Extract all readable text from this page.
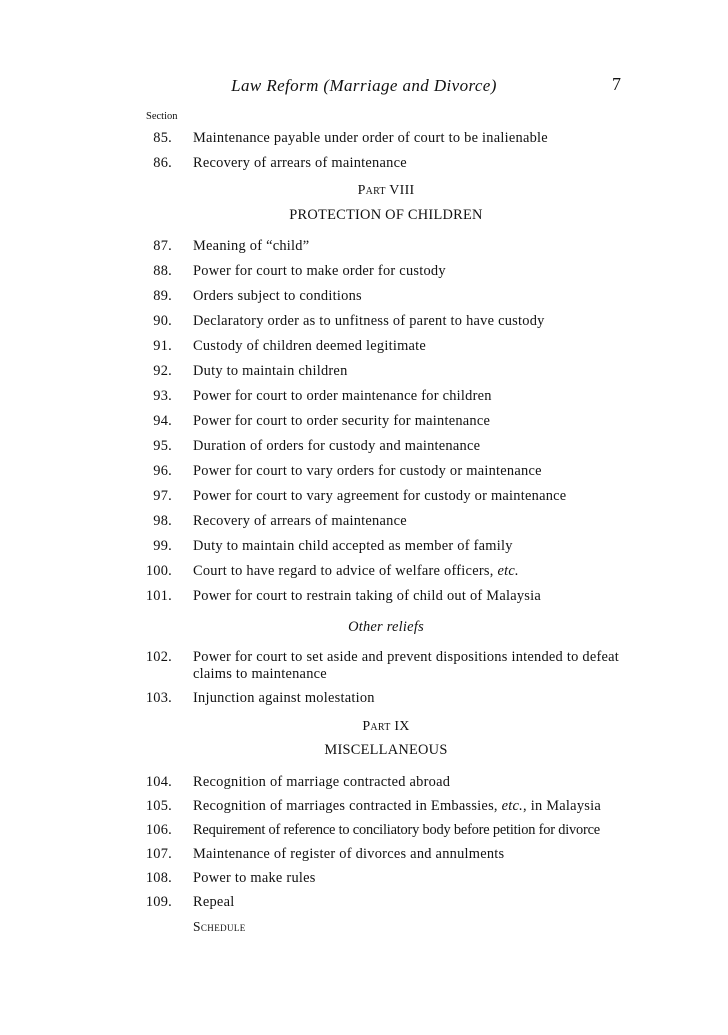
Law Reform (Marriage and Divorce)	7
Section
85.	Maintenance payable under order of court to be inalienable
86.	Recovery of arrears of maintenance
Part VIII
PROTECTION OF CHILDREN
87.	Meaning of “child”
88.	Power for court to make order for custody
89.	Orders subject to conditions
90.	Declaratory order as to unfitness of parent to have custody
91.	Custody of children deemed legitimate
92.	Duty to maintain children
93.	Power for court to order maintenance for children
94.	Power for court to order security for maintenance
95.	Duration of orders for custody and maintenance
96.	Power for court to vary orders for custody or maintenance
97.	Power for court to vary agreement for custody or maintenance
98.	Recovery of arrears of maintenance
99.	Duty to maintain child accepted as member of family
100.	Court to have regard to advice of welfare officers, etc.
101.	Power for court to restrain taking of child out of Malaysia
Other reliefs
102.	Power for court to set aside and prevent dispositions intended to defeat
claims to maintenance
103.	Injunction against molestation
Part IX
MISCELLANEOUS
104.	Recognition of marriage contracted abroad
105.	Recognition of marriages contracted in Embassies, etc., in Malaysia
106.	Requirement of reference to conciliatory body before petition for divorce
107.	Maintenance of register of divorces and annulments
108.	Power to make rules
109.	Repeal
Schedule
